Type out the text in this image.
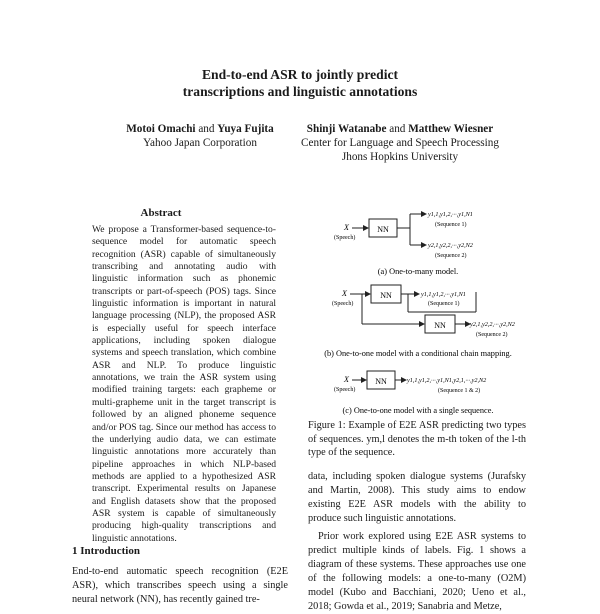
End-to-end ASR to jointly predict
transcriptions and linguistic annotations
Motoi Omachi and Yuya Fujita
Yahoo Japan Corporation
Shinji Watanabe and Matthew Wiesner
Center for Language and Speech Processing
Jhons Hopkins University
Abstract

We propose a Transformer-based sequence-to-sequence model for automatic speech recognition (ASR) capable of simultaneously transcribing and annotating audio with linguistic information such as phonemic transcripts or part-of-speech (POS) tags. Since linguistic information is important in natural language processing (NLP), the proposed ASR is especially useful for speech interface applications, including spoken dialogue systems and speech translation, which combine ASR and NLP. To produce linguistic annotations, we train the ASR system using modified training targets: each grapheme or multi-grapheme unit in the target transcript is followed by an aligned phoneme sequence and/or POS tag. Since our method has access to the underlying audio data, we can estimate linguistic annotations more accurately than pipeline approaches in which NLP-based methods are applied to a hypothesized ASR transcript. Experimental results on Japanese and English datasets show that the proposed ASR system is capable of simultaneously producing high-quality transcriptions and linguistic annotations.

1 Introduction
End-to-end automatic speech recognition (E2E ASR), which transcribes speech using a single neural network (NN), has recently gained tre-
X
(Speech)
NN
y1,1,y1,2,···,y1,N1
(Sequence 1)
y2,1,y2,2,···,y2,N2
(Sequence 2)
(a) One-to-many model.
X
(Speech)
NN	y1,1,y1,2,···,y1,N1
(Sequence 1)
NN	y2,1,y2,2,···,y2,N2
(Sequence 2)
(b) One-to-one model with a conditional chain mapping.
X
(Speech)
NN	y1,1,y1,2,···,y1,N1,y2,1,···,y2,N2
(Sequence 1 & 2)
(c) One-to-one model with a single sequence.
Figure 1: Example of E2E ASR predicting two types of sequences. ym,l denotes the m-th token of the l-th type of the sequence.

data, including spoken dialogue systems (Jurafsky and Martin, 2008). This study aims to endow existing E2E ASR models with the ability to produce such linguistic annotations.

Prior work explored using E2E ASR systems to predict multiple kinds of labels. Fig. 1 shows a diagram of these systems. These approaches use one of the following models: a one-to-many (O2M) model (Kubo and Bacchiani, 2020; Ueno et al., 2018; Gowda et al., 2019; Sanabria and Metze,
